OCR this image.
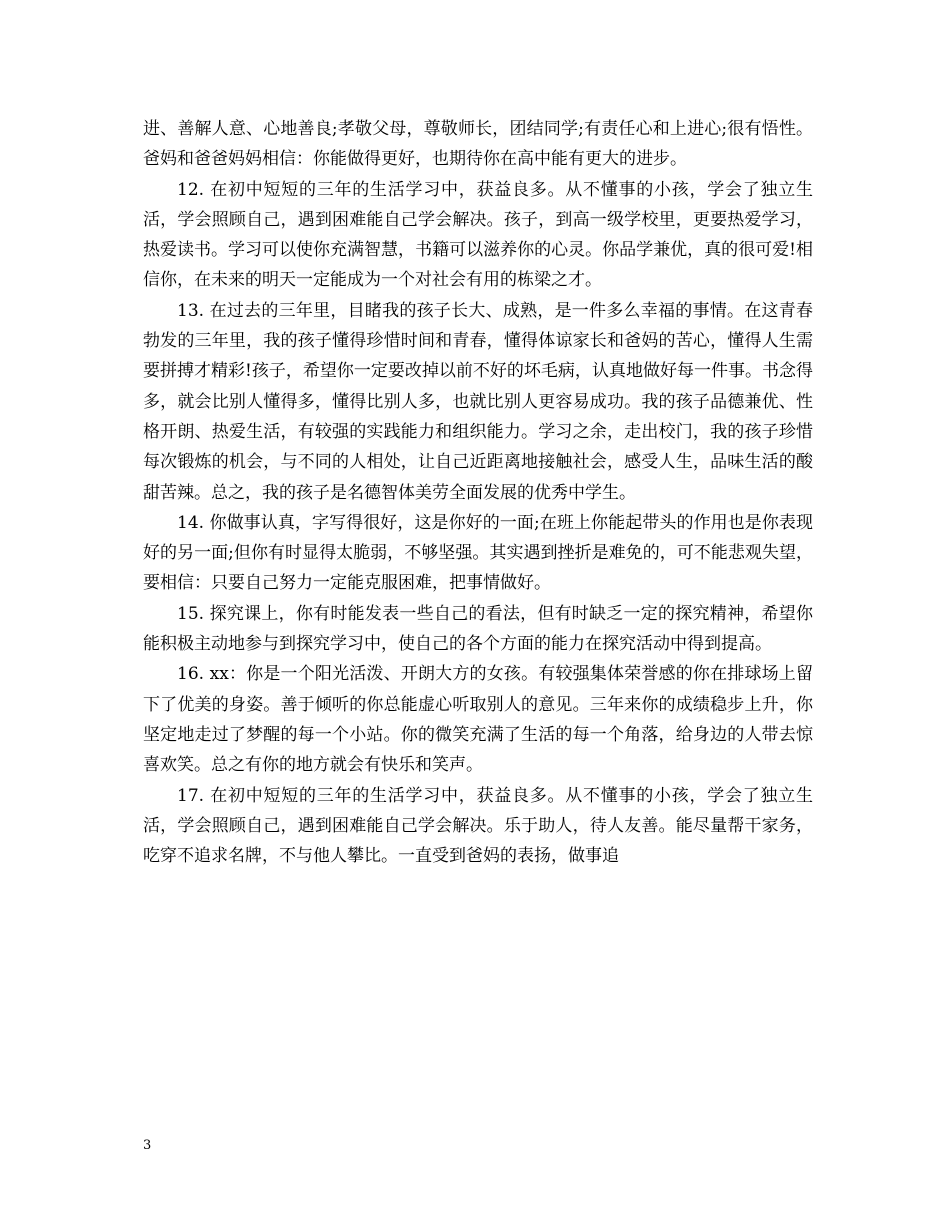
进、善解人意、心地善良;孝敬父母，尊敬师长，团结同学;有责任心和上进心;很有悟性。爸妈和爸爸妈妈相信：你能做得更好，也期待你在高中能有更大的进步。

12. 在初中短短的三年的生活学习中，获益良多。从不懂事的小孩，学会了独立生活，学会照顾自己，遇到困难能自己学会解决。孩子，到高一级学校里，更要热爱学习，热爱读书。学习可以使你充满智慧，书籍可以滋养你的心灵。你品学兼优，真的很可爱!相信你，在未来的明天一定能成为一个对社会有用的栋梁之才。

13. 在过去的三年里，目睹我的孩子长大、成熟，是一件多么幸福的事情。在这青春勃发的三年里，我的孩子懂得珍惜时间和青春，懂得体谅家长和爸妈的苦心，懂得人生需要拼搏才精彩!孩子，希望你一定要改掉以前不好的坏毛病，认真地做好每一件事。书念得多，就会比别人懂得多，懂得比别人多，也就比别人更容易成功。我的孩子品德兼优、性格开朗、热爱生活，有较强的实践能力和组织能力。学习之余，走出校门，我的孩子珍惜每次锻炼的机会，与不同的人相处，让自己近距离地接触社会，感受人生，品味生活的酸甜苦辣。总之，我的孩子是名德智体美劳全面发展的优秀中学生。

14. 你做事认真，字写得很好，这是你好的一面;在班上你能起带头的作用也是你表现好的另一面;但你有时显得太脆弱，不够坚强。其实遇到挫折是难免的，可不能悲观失望，要相信：只要自己努力一定能克服困难，把事情做好。

15. 探究课上，你有时能发表一些自己的看法，但有时缺乏一定的探究精神，希望你能积极主动地参与到探究学习中，使自己的各个方面的能力在探究活动中得到提高。

16. xx：你是一个阳光活泼、开朗大方的女孩。有较强集体荣誉感的你在排球场上留下了优美的身姿。善于倾听的你总能虚心听取别人的意见。三年来你的成绩稳步上升，你坚定地走过了梦醒的每一个小站。你的微笑充满了生活的每一个角落，给身边的人带去惊喜欢笑。总之有你的地方就会有快乐和笑声。

17. 在初中短短的三年的生活学习中，获益良多。从不懂事的小孩，学会了独立生活，学会照顾自己，遇到困难能自己学会解决。乐于助人，待人友善。能尽量帮干家务，吃穿不追求名牌，不与他人攀比。一直受到爸妈的表扬，做事追

3
